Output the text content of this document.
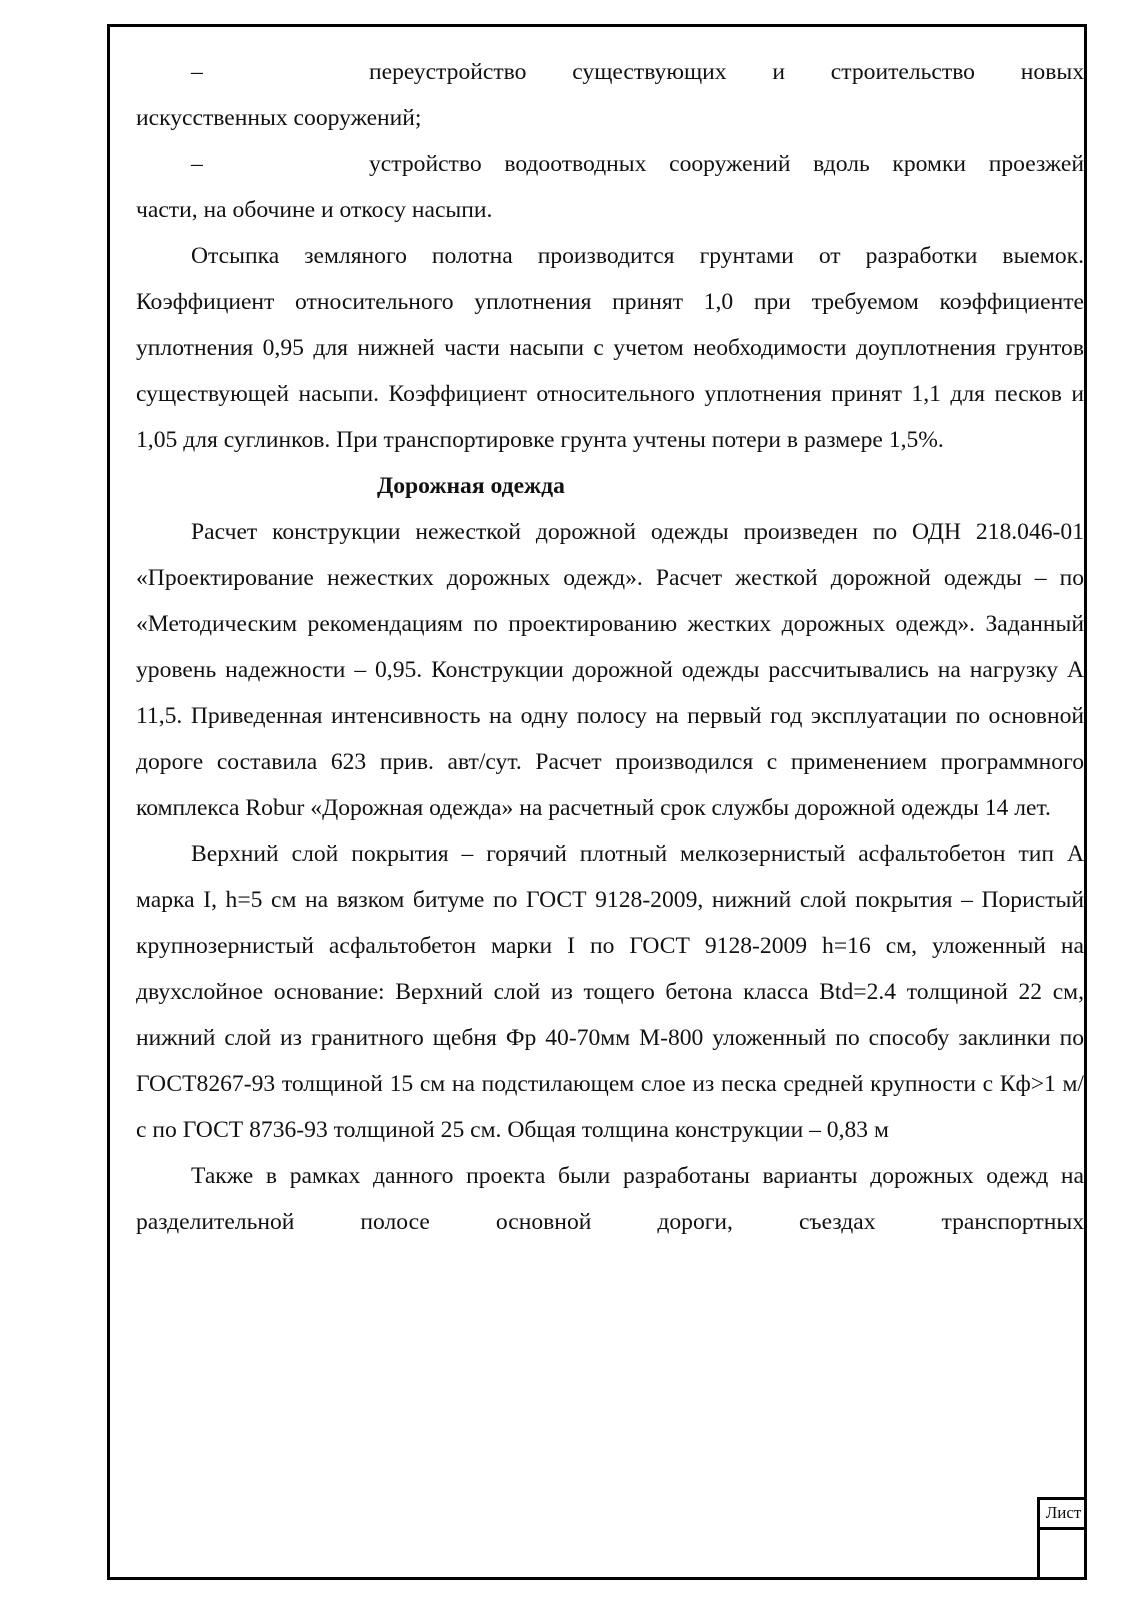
–	переустройство существующих и строительство новых

искусственных сооружений;

–	устройство водоотводных сооружений вдоль кромки проезжей

части, на обочине и откосу насыпи.

Отсыпка земляного полотна производится грунтами от разработки выемок. Коэффициент относительного уплотнения принят 1,0 при требуемом коэффициенте уплотнения 0,95 для нижней части насыпи с учетом необходимости доуплотнения грунтов существующей насыпи. Коэффициент относительного уплотнения принят 1,1 для песков и 1,05 для суглинков. При транспортировке грунта учтены потери в размере 1,5%.

Дорожная одежда

Расчет конструкции нежесткой дорожной одежды произведен по ОДН 218.046-01 «Проектирование нежестких дорожных одежд». Расчет жесткой дорожной одежды – по «Методическим рекомендациям по проектированию жестких дорожных одежд». Заданный уровень надежности – 0,95. Конструкции дорожной одежды рассчитывались на нагрузку А 11,5. Приведенная интенсивность на одну полосу на первый год эксплуатации по основной дороге составила 623 прив. авт/сут. Расчет производился с применением программного комплекса Robur «Дорожная одежда» на расчетный срок службы дорожной одежды 14 лет.

Верхний слой покрытия – горячий плотный мелкозернистый асфальтобетон тип А марка I, h=5 см на вязком битуме по ГОСТ 9128-2009, нижний слой покрытия – Пористый крупнозернистый асфальтобетон марки I по ГОСТ 9128-2009 h=16 см, уложенный на двухслойное основание: Верхний слой из тощего бетона класса Btd=2.4 толщиной 22 см, нижний слой из гранитного щебня Фр 40-70мм М-800 уложенный по способу заклинки по ГОСТ8267-93 толщиной 15 см на подстилающем слое из песка средней крупности с Кф>1 м/с по ГОСТ 8736-93 толщиной 25 см. Общая толщина конструкции – 0,83 м

Также в рамках данного проекта были разработаны варианты дорожных одежд на разделительной полосе основной дороги, съездах транспортных

Лист
